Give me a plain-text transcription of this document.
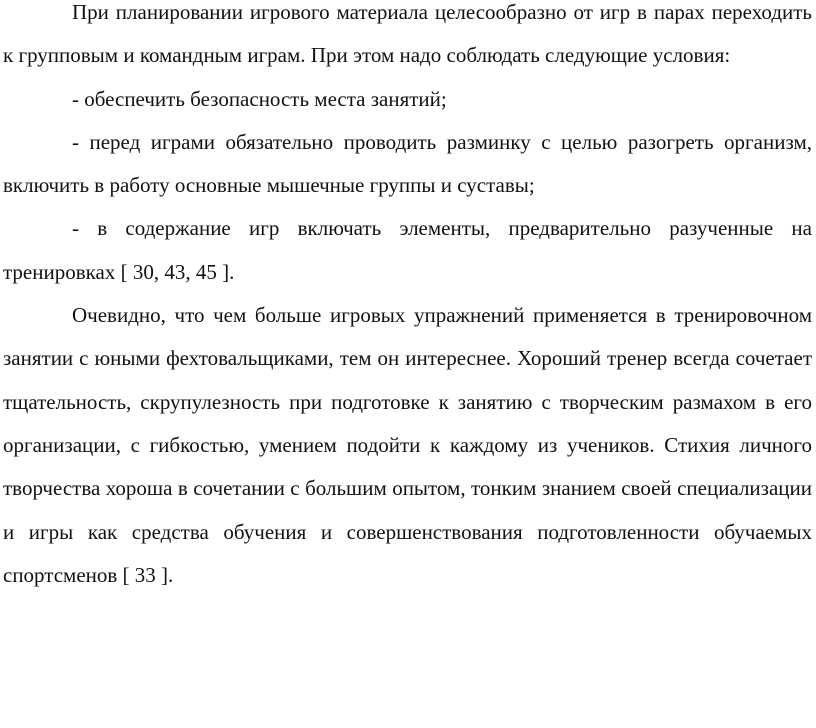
При планировании игрового материала целесообразно от игр в парах переходить к групповым и командным играм. При этом надо соблюдать следующие условия:

- обеспечить безопасность места занятий;

- перед играми обязательно проводить разминку с целью разогреть организм, включить в работу основные мышечные группы и суставы;

- в содержание игр включать элементы, предварительно разученные на тренировках [ 30, 43, 45 ].

Очевидно, что чем больше игровых упражнений применяется в тренировочном занятии с юными фехтовальщиками, тем он интереснее. Хороший тренер всегда сочетает тщательность, скрупулезность при подготовке к занятию с творческим размахом в его организации, с гибкостью, умением подойти к каждому из учеников. Стихия личного творчества хороша в сочетании с большим опытом, тонким знанием своей специализации и игры как средства обучения и совершенствования подготовленности обучаемых спортсменов [ 33 ].
